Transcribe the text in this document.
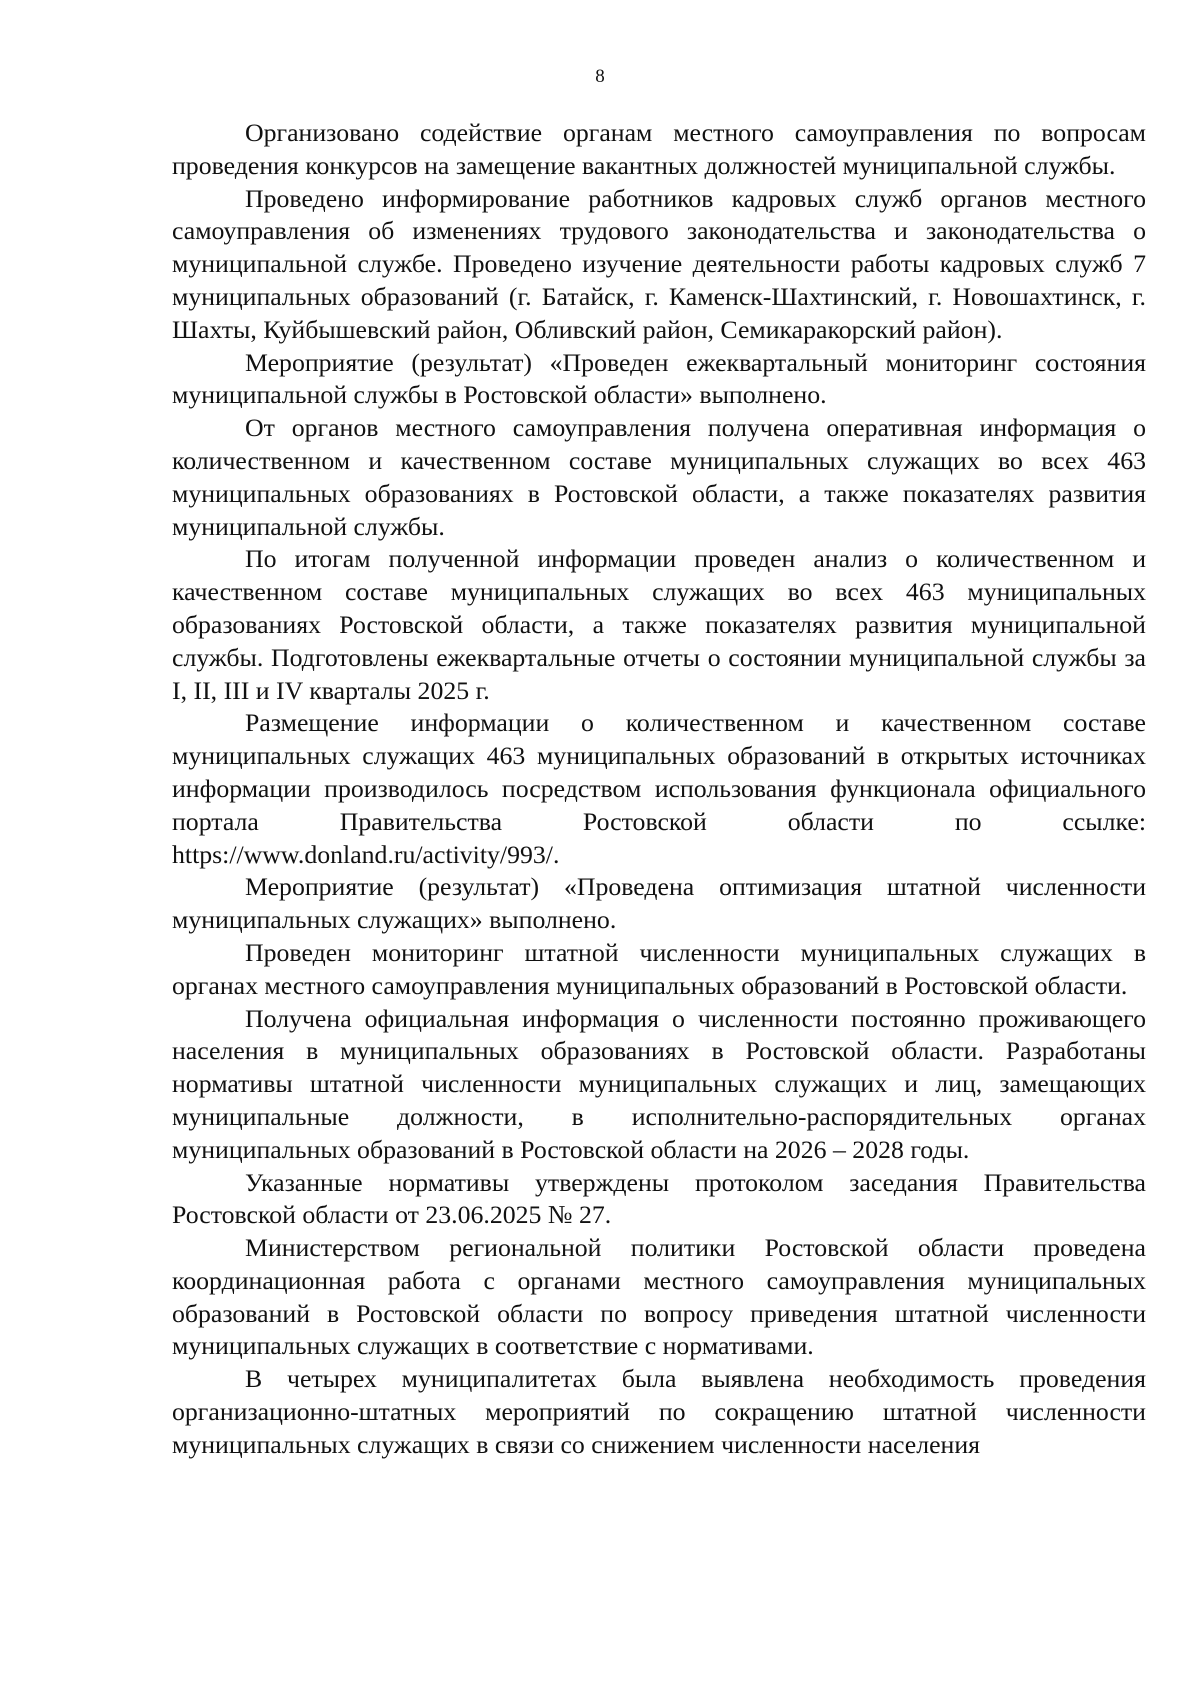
8

Организовано содействие органам местного самоуправления по вопросам проведения конкурсов на замещение вакантных должностей муниципальной службы.

Проведено информирование работников кадровых служб органов местного самоуправления об изменениях трудового законодательства и законодательства о муниципальной службе. Проведено изучение деятельности работы кадровых служб 7 муниципальных образований (г. Батайск, г. Каменск-Шахтинский, г. Новошахтинск, г. Шахты, Куйбышевский район, Обливский район, Семикаракорский район).

Мероприятие (результат) «Проведен ежеквартальный мониторинг состояния муниципальной службы в Ростовской области» выполнено.

От органов местного самоуправления получена оперативная информация о количественном и качественном составе муниципальных служащих во всех 463 муниципальных образованиях в Ростовской области, а также показателях развития муниципальной службы.

По итогам полученной информации проведен анализ о количественном и качественном составе муниципальных служащих во всех 463 муниципальных образованиях Ростовской области, а также показателях развития муниципальной службы. Подготовлены ежеквартальные отчеты о состоянии муниципальной службы за I, II, III и IV кварталы 2025 г.

Размещение информации о количественном и качественном составе муниципальных служащих 463 муниципальных образований в открытых источниках информации производилось посредством использования функционала официального портала Правительства Ростовской области по ссылке: https://www.donland.ru/activity/993/.

Мероприятие (результат) «Проведена оптимизация штатной численности муниципальных служащих» выполнено.

Проведен мониторинг штатной численности муниципальных служащих в органах местного самоуправления муниципальных образований в Ростовской области.

Получена официальная информация о численности постоянно проживающего населения в муниципальных образованиях в Ростовской области. Разработаны нормативы штатной численности муниципальных служащих и лиц, замещающих муниципальные должности, в исполнительно-распорядительных органах муниципальных образований в Ростовской области на 2026 – 2028 годы.

Указанные нормативы утверждены протоколом заседания Правительства Ростовской области от 23.06.2025 № 27.

Министерством региональной политики Ростовской области проведена координационная работа с органами местного самоуправления муниципальных образований в Ростовской области по вопросу приведения штатной численности муниципальных служащих в соответствие с нормативами.

В четырех муниципалитетах была выявлена необходимость проведения организационно-штатных мероприятий по сокращению штатной численности муниципальных служащих в связи со снижением численности населения
